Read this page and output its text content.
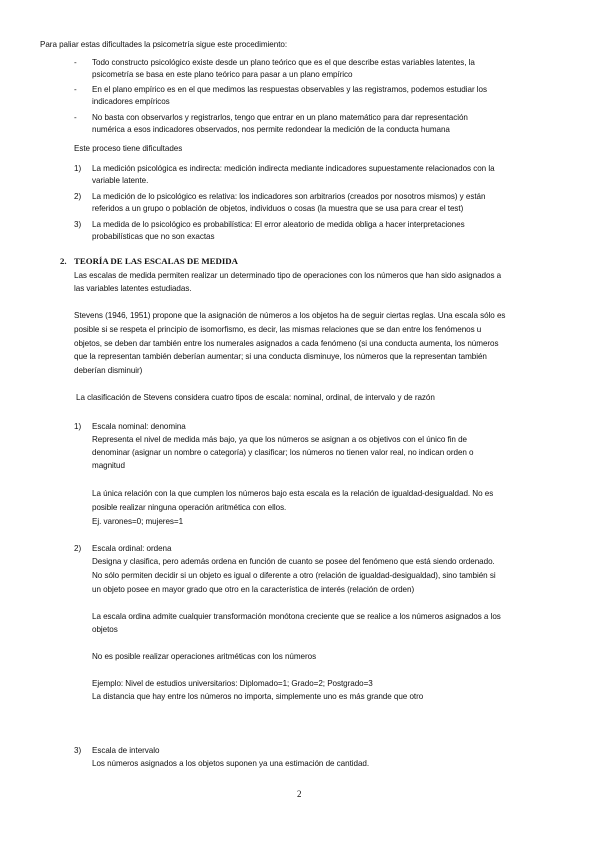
Para paliar estas dificultades la psicometría sigue este procedimiento:
- Todo constructo psicológico existe desde un plano teórico que es el que describe estas variables latentes, la
psicometría se basa en este plano teórico para pasar a un plano empírico
- En el plano empírico es en el que medimos las respuestas observables y las registramos, podemos estudiar los
indicadores empíricos
- No basta con observarlos y registrarlos, tengo que entrar en un plano matemático para dar representación
numérica a esos indicadores observados, nos permite redondear la medición de la conducta humana
Este proceso tiene dificultades
1) La medición psicológica es indirecta: medición indirecta mediante indicadores supuestamente relacionados con la
variable latente.
2) La medición de lo psicológico es relativa: los indicadores son arbitrarios (creados por nosotros mismos) y están
referidos a un grupo o población de objetos, individuos o cosas (la muestra que se usa para crear el test)
3) La medida de lo psicológico es probabilística: El error aleatorio de medida obliga a hacer interpretaciones
probabilísticas que no son exactas
2. TEORÍA DE LAS ESCALAS DE MEDIDA
Las escalas de medida permiten realizar un determinado tipo de operaciones con los números que han sido asignados a
las variables latentes estudiadas.
Stevens (1946, 1951) propone que la asignación de números a los objetos ha de seguir ciertas reglas. Una escala sólo es
posible si se respeta el principio de isomorfismo, es decir, las mismas relaciones que se dan entre los fenómenos u
objetos, se deben dar también entre los numerales asignados a cada fenómeno (si una conducta aumenta, los números
que la representan también deberían aumentar; si una conducta disminuye, los números que la representan también
deberían disminuir)
La clasificación de Stevens considera cuatro tipos de escala: nominal, ordinal, de intervalo y de razón
1) Escala nominal: denomina
Representa el nivel de medida más bajo, ya que los números se asignan a os objetivos con el único fin de
denominar (asignar un nombre o categoría) y clasificar; los números no tienen valor real, no indican orden o
magnitud
La única relación con la que cumplen los números bajo esta escala es la relación de igualdad-desigualdad. No es
posible realizar ninguna operación aritmética con ellos.
Ej. varones=0; mujeres=1
2) Escala ordinal: ordena
Designa y clasifica, pero además ordena en función de cuanto se posee del fenómeno que está siendo ordenado.
No sólo permiten decidir si un objeto es igual o diferente a otro (relación de igualdad-desigualdad), sino también si
un objeto posee en mayor grado que otro en la característica de interés (relación de orden)
La escala ordina admite cualquier transformación monótona creciente que se realice a los números asignados a los
objetos
No es posible realizar operaciones aritméticas con los números
Ejemplo: Nivel de estudios universitarios: Diplomado=1; Grado=2; Postgrado=3
La distancia que hay entre los números no importa, simplemente uno es más grande que otro
3) Escala de intervalo
Los números asignados a los objetos suponen ya una estimación de cantidad.
2
